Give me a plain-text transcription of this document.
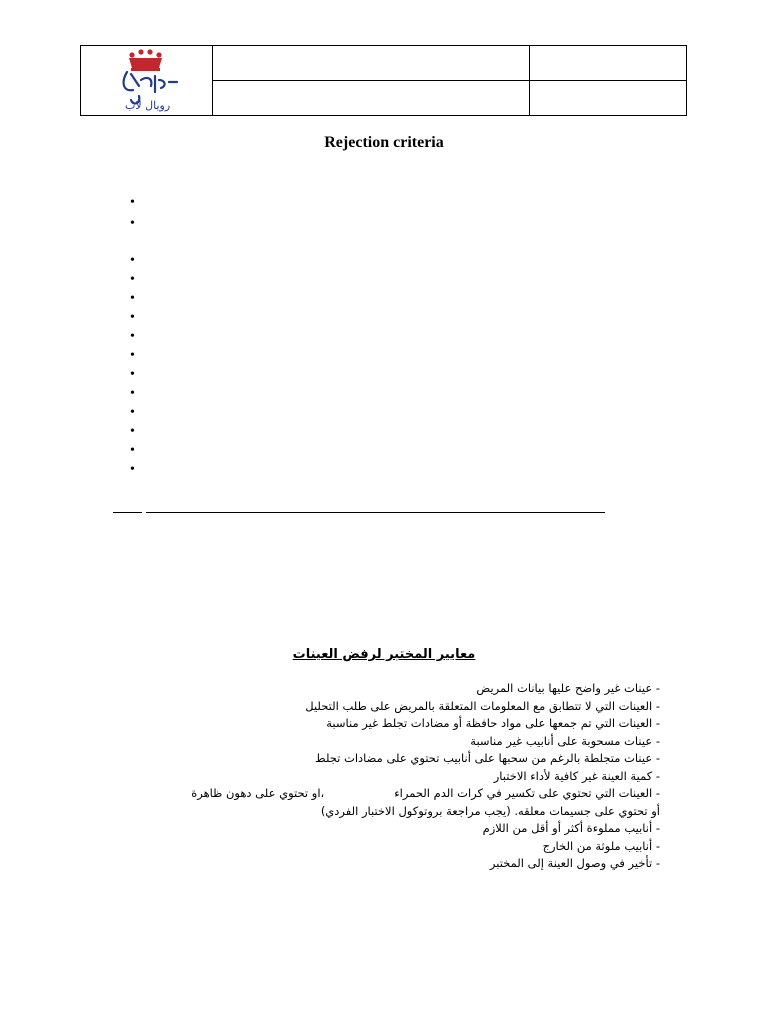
رويال لاب		

Rejection criteria
•
•
•
•
•
•
•
•
•
•
•
•
•
•
معايير المختبر لرفض العينات
- عينات غير واضح عليها بيانات المريض
- العينات التي لا تتطابق مع المعلومات المتعلقة بالمريض على طلب التحليل
- العينات التي تم جمعها على مواد حافظة أو مضادات تجلط غير مناسبة
- عينات مسحوبة على أنابيب غير مناسبة
- عينات متجلطة بالرغم من سحبها على أنابيب تحتوي على مضادات تجلط
- كمية العينة غير كافية لأداء الاختبار
- العينات التي تحتوي على تكسير في كرات الدم الحمراء،او تحتوي على دهون ظاهرة
أو تحتوي على جسيمات معلقه. (يجب مراجعة بروتوكول الاختبار الفردي)
- أنابيب مملوءة أكثر أو أقل من اللازم
- أنابيب ملوثة من الخارج
- تأخير في وصول العينة إلى المختبر
